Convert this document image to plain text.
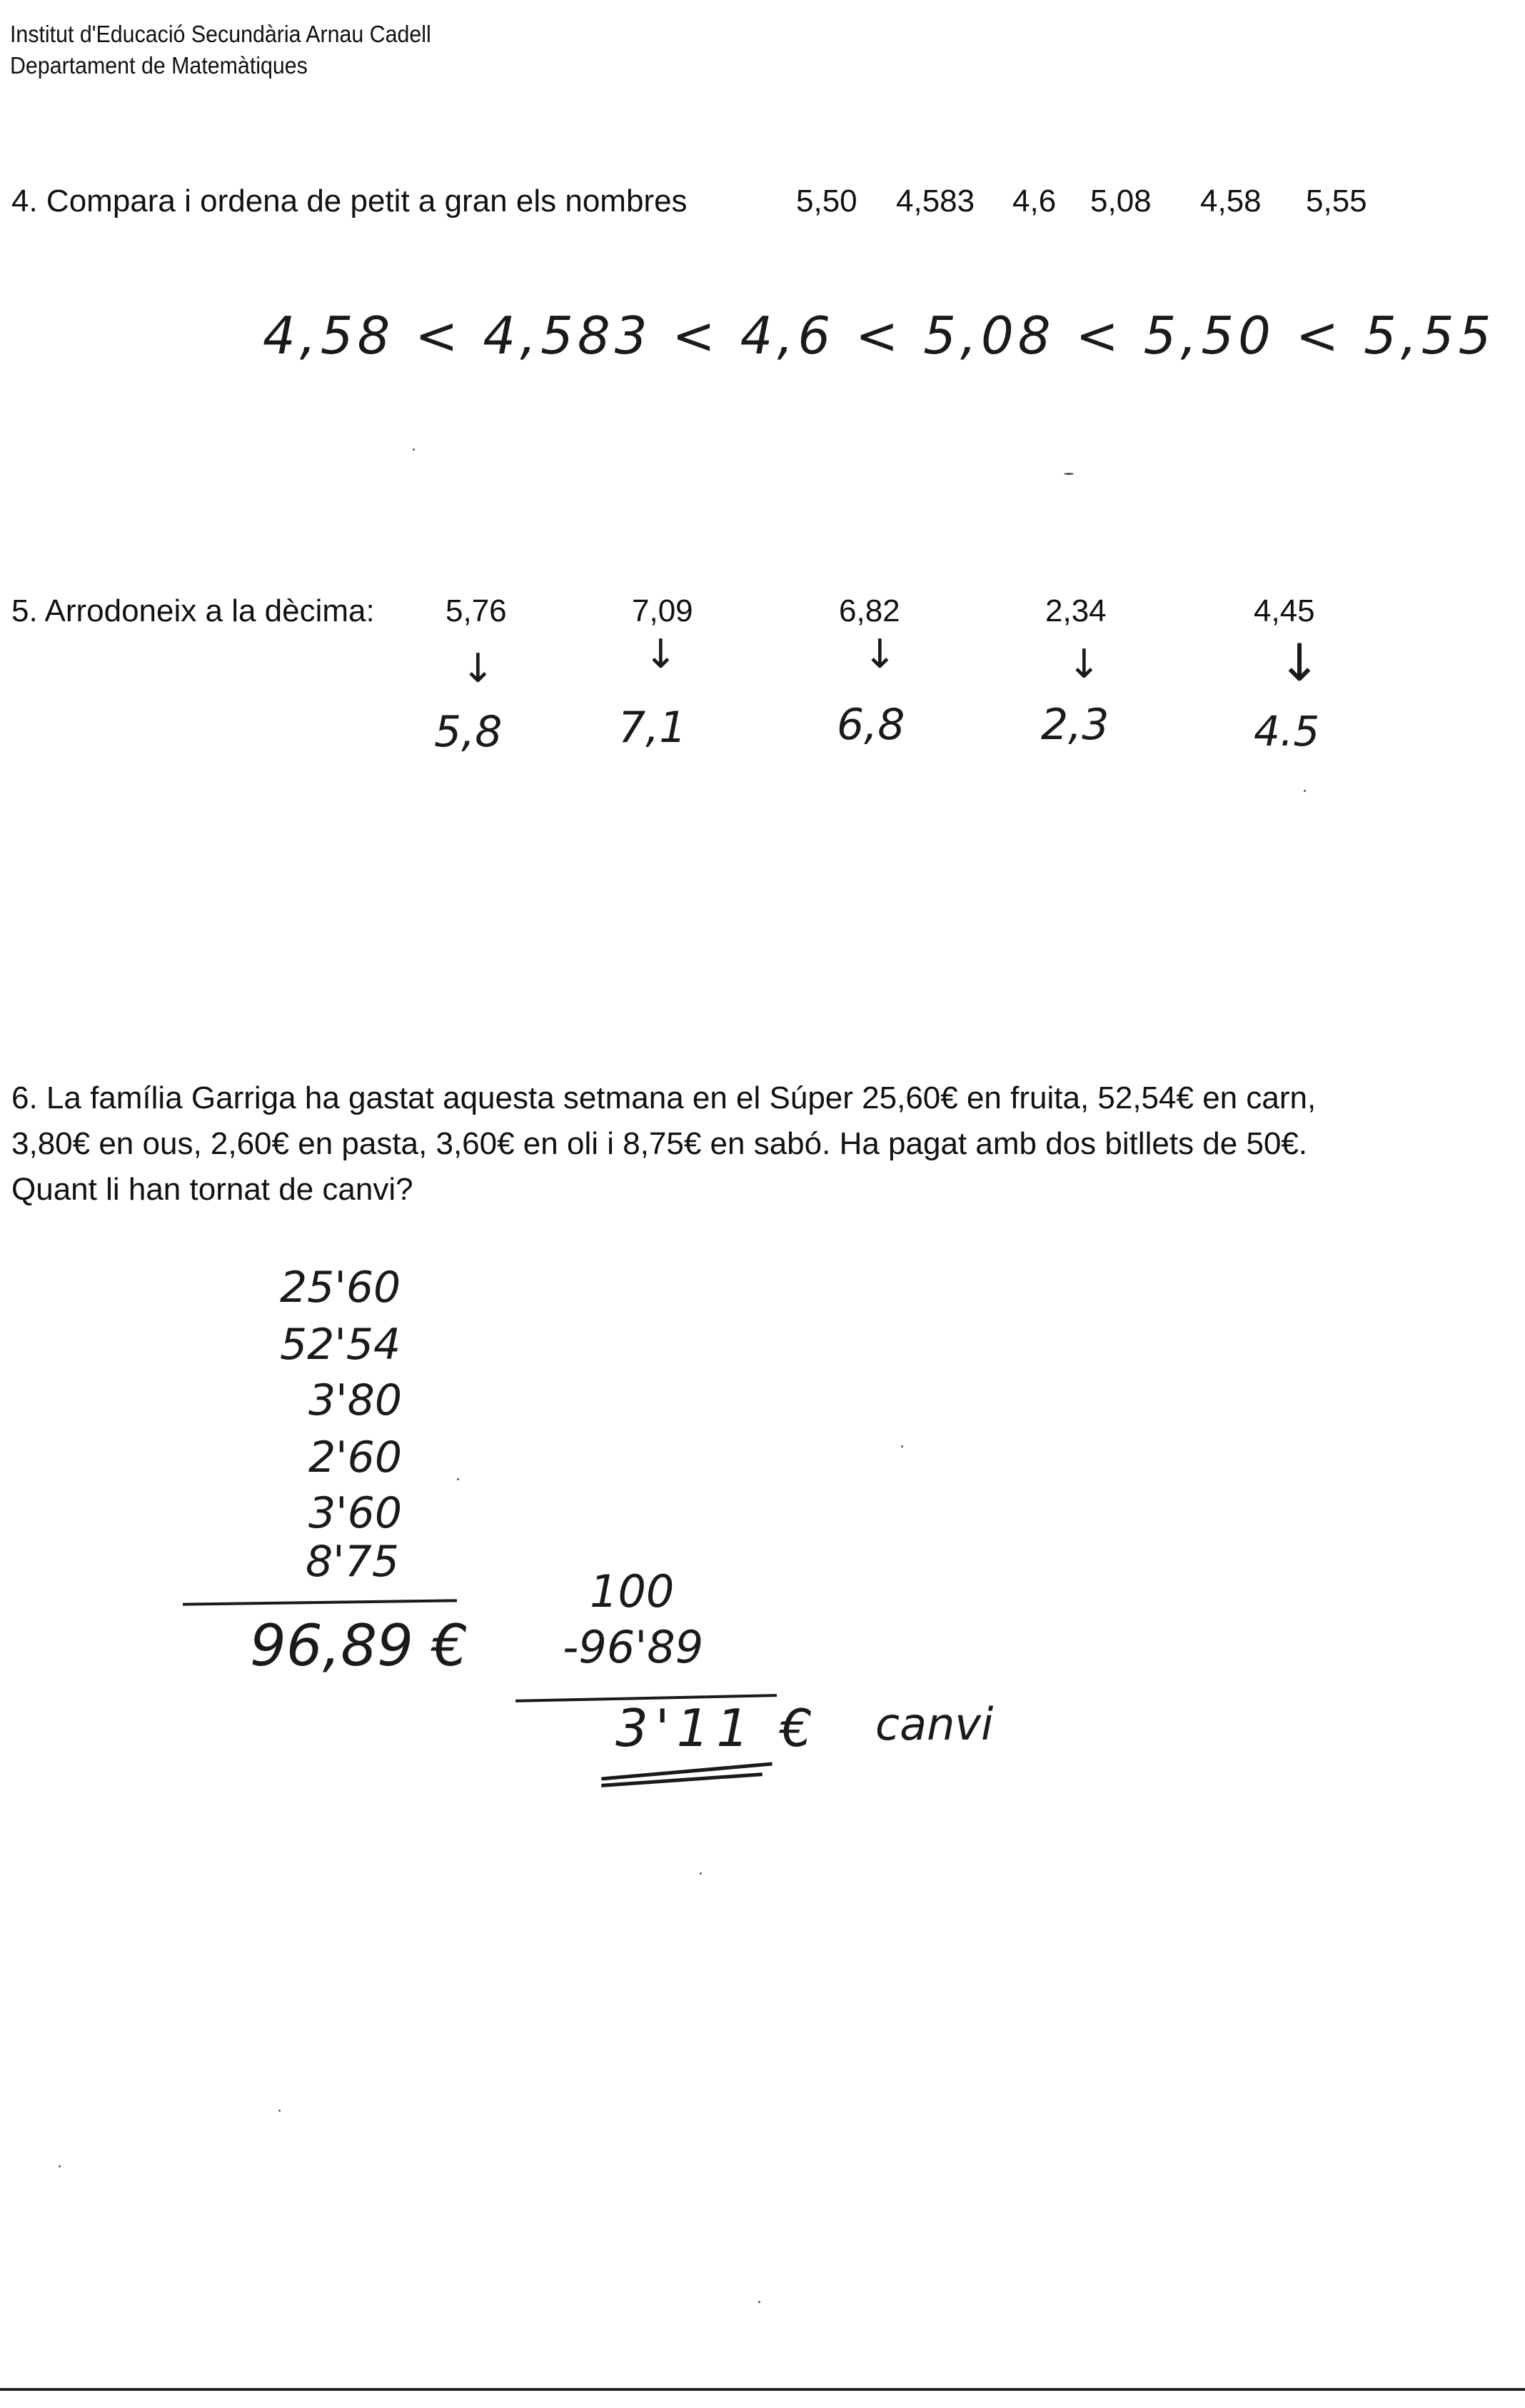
Institut d'Educació Secundària Arnau Cadell
Departament de Matemàtiques
4. Compara i ordena de petit a gran els nombres	5,50 4,583 4,6 5,08 4,58 5,55
4,58 < 4,583 < 4,6 < 5,08 < 5,50 < 5,55
5. Arrodoneix a la dècima: 5,76	7,09	6,82	2,34	4,45
↓	↓	↓	↓	↓
5,8	7,1	6,8	2,3	4.5
6. La família Garriga ha gastat aquesta setmana en el Súper 25,60€ en fruita, 52,54€ en carn,
3,80€ en ous, 2,60€ en pasta, 3,60€ en oli i 8,75€ en sabó. Ha pagat amb dos bitllets de 50€.
Quant li han tornat de canvi?
25'60
52'54
3'80
2'60
3'60
8'75
96,89 €
100
-96'89
3'11 € canvi
